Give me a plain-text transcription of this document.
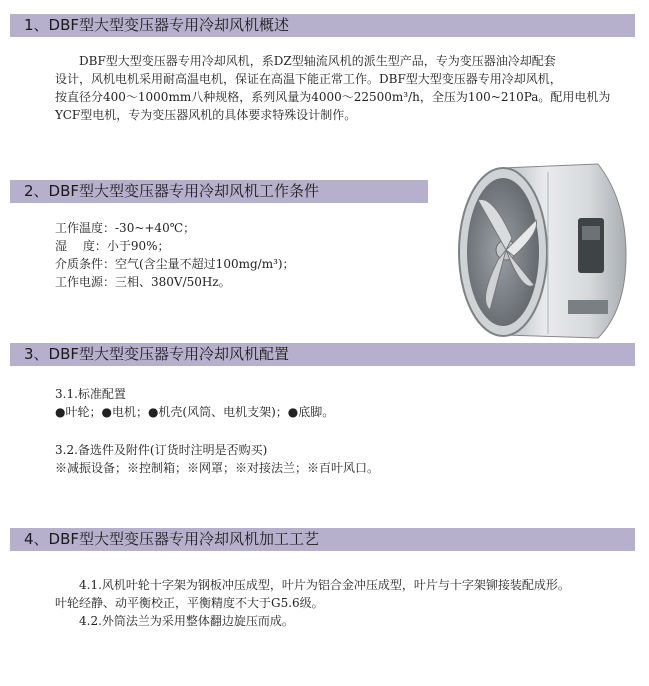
1、DBF型大型变压器专用冷却风机概述
DBF型大型变压器专用冷却风机，系DZ型轴流风机的派生型产品，专为变压器油冷却配套
设计，风机电机采用耐高温电机，保证在高温下能正常工作。DBF型大型变压器专用冷却风机，
按直径分400～1000mm八种规格，系列风量为4000～22500m³/h，全压为100~210Pa。配用电机为
YCF型电机，专为变压器风机的具体要求特殊设计制作。
2、DBF型大型变压器专用冷却风机工作条件
工作温度：-30~+40℃；
湿　 度：小于90%；
介质条件：空气(含尘量不超过100mg/m³)；
工作电源：三相、380V/50Hz。
3、DBF型大型变压器专用冷却风机配置
3.1.标准配置
●叶轮；●电机；●机壳(风筒、电机支架)；●底脚。
3.2.备选件及附件(订货时注明是否购买)
※减振设备；※控制箱；※网罩；※对接法兰；※百叶风口。
4、DBF型大型变压器专用冷却风机加工工艺
4.1.风机叶轮十字架为钢板冲压成型，叶片为铝合金冲压成型，叶片与十字架铆接装配成形。
叶轮经静、动平衡校正，平衡精度不大于G5.6级。
4.2.外筒法兰为采用整体翻边旋压而成。
